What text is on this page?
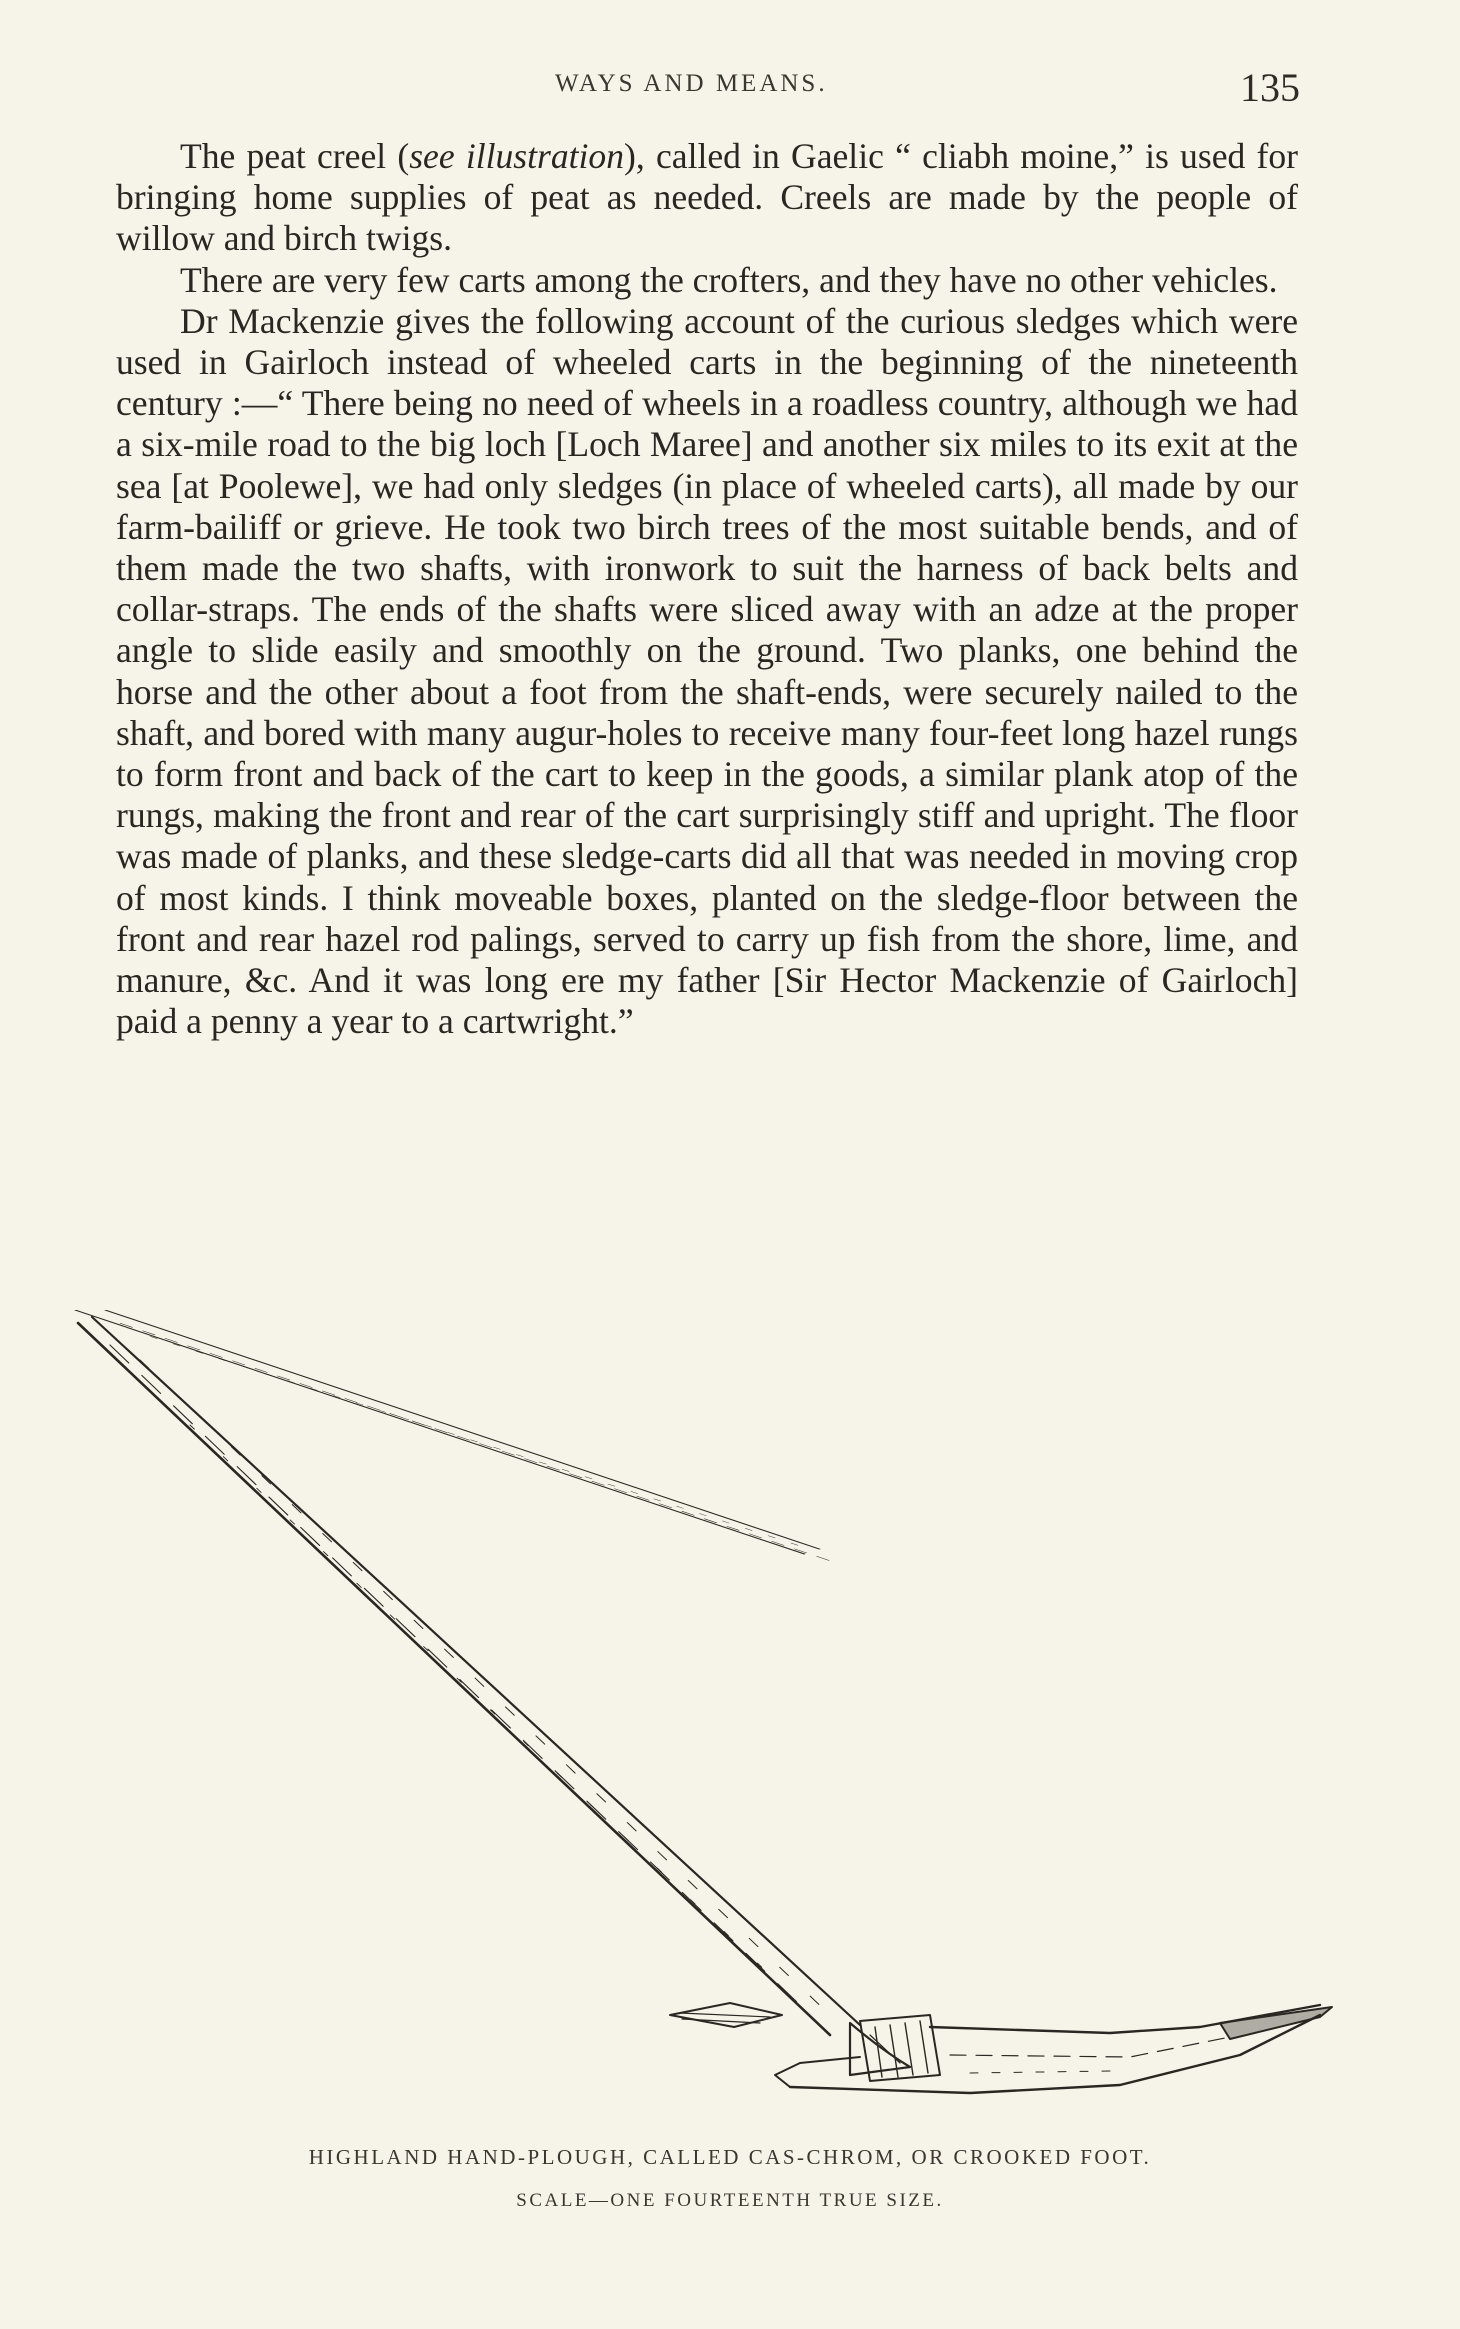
WAYS AND MEANS.	135

The peat creel (see illustration), called in Gaelic “ cliabh moine,” is used for bringing home supplies of peat as needed. Creels are made by the people of willow and birch twigs.

There are very few carts among the crofters, and they have no other vehicles.

Dr Mackenzie gives the following account of the curious sledges which were used in Gairloch instead of wheeled carts in the beginning of the nineteenth century :—“ There being no need of wheels in a roadless country, although we had a six-mile road to the big loch [Loch Maree] and another six miles to its exit at the sea [at Poolewe], we had only sledges (in place of wheeled carts), all made by our farm-bailiff or grieve. He took two birch trees of the most suitable bends, and of them made the two shafts, with ironwork to suit the harness of back belts and collar-straps. The ends of the shafts were sliced away with an adze at the proper angle to slide easily and smoothly on the ground. Two planks, one behind the horse and the other about a foot from the shaft-ends, were securely nailed to the shaft, and bored with many augur-holes to receive many four-feet long hazel rungs to form front and back of the cart to keep in the goods, a similar plank atop of the rungs, making the front and rear of the cart surprisingly stiff and upright. The floor was made of planks, and these sledge-carts did all that was needed in moving crop of most kinds. I think moveable boxes, planted on the sledge-floor between the front and rear hazel rod palings, served to carry up fish from the shore, lime, and manure, &c. And it was long ere my father [Sir Hector Mackenzie of Gairloch] paid a penny a year to a cartwright.”

HIGHLAND HAND-PLOUGH, CALLED CAS-CHROM, OR CROOKED FOOT.
SCALE—ONE FOURTEENTH TRUE SIZE.
